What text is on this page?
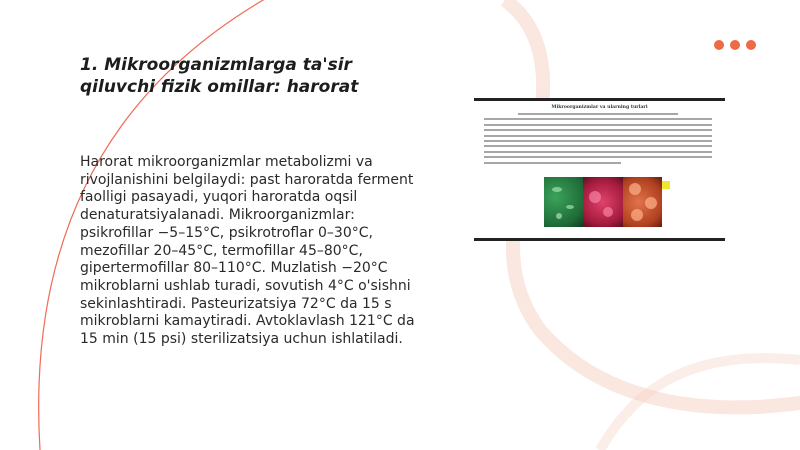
1. Mikroorganizmlarga ta'sir qiluvchi fizik omillar: harorat
Harorat mikroorganizmlar metabolizmi va rivojlanishini belgilaydi: past haroratda ferment faolligi pasayadi, yuqori haroratda oqsil denaturatsiyalanadi. Mikroorganizmlar: psikrofillar −5–15°C, psikrotroflar 0–30°C, mezofillar 20–45°C, termofillar 45–80°C, gipertermofillar 80–110°C. Muzlatish −20°C mikroblarni ushlab turadi, sovutish 4°C o'sishni sekinlashtiradi. Pasteurizatsiya 72°C da 15 s mikroblarni kamaytiradi. Avtoklavlash 121°C da 15 min (15 psi) sterilizatsiya uchun ishlatiladi.
Mikroorganizmlar va ularning turlari
